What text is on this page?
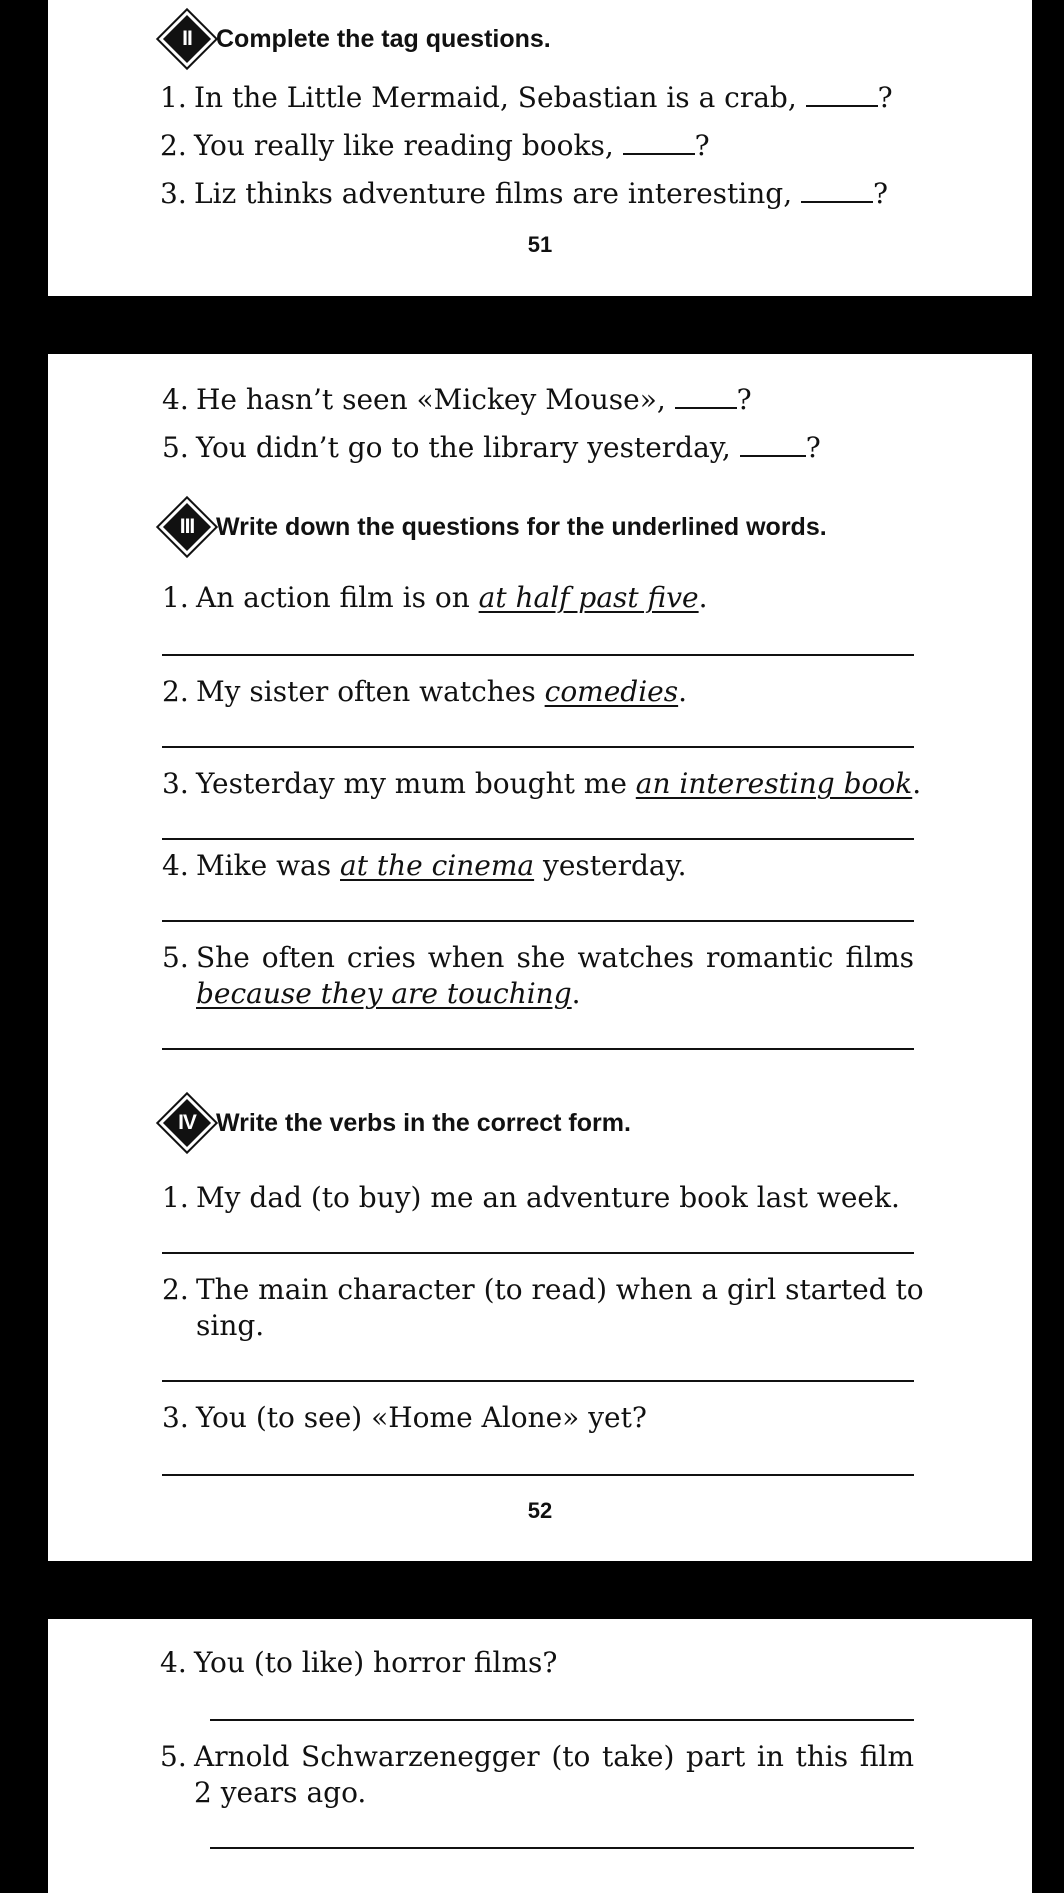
II Complete the tag questions.
1. In the Little Mermaid, Sebastian is a crab,	?
2. You really like reading books,	?
3. Liz thinks adventure films are interesting,	?
51
4. He hasn’t seen «Mickey Mouse»,	?
5. You didn’t go to the library yesterday,	?
III Write down the questions for the underlined words.
1. An action film is on at half past five.
2. My sister often watches comedies.
3. Yesterday my mum bought me an interesting book.
4. Mike was at the cinema yesterday.
5. She often cries when she watches romantic films
because they are touching.
IV Write the verbs in the correct form.
1. My dad (to buy) me an adventure book last week.
2. The main character (to read) when a girl started to
sing.
3. You (to see) «Home Alone» yet?
52
4. You (to like) horror films?
5. Arnold Schwarzenegger (to take) part in this film
2 years ago.
